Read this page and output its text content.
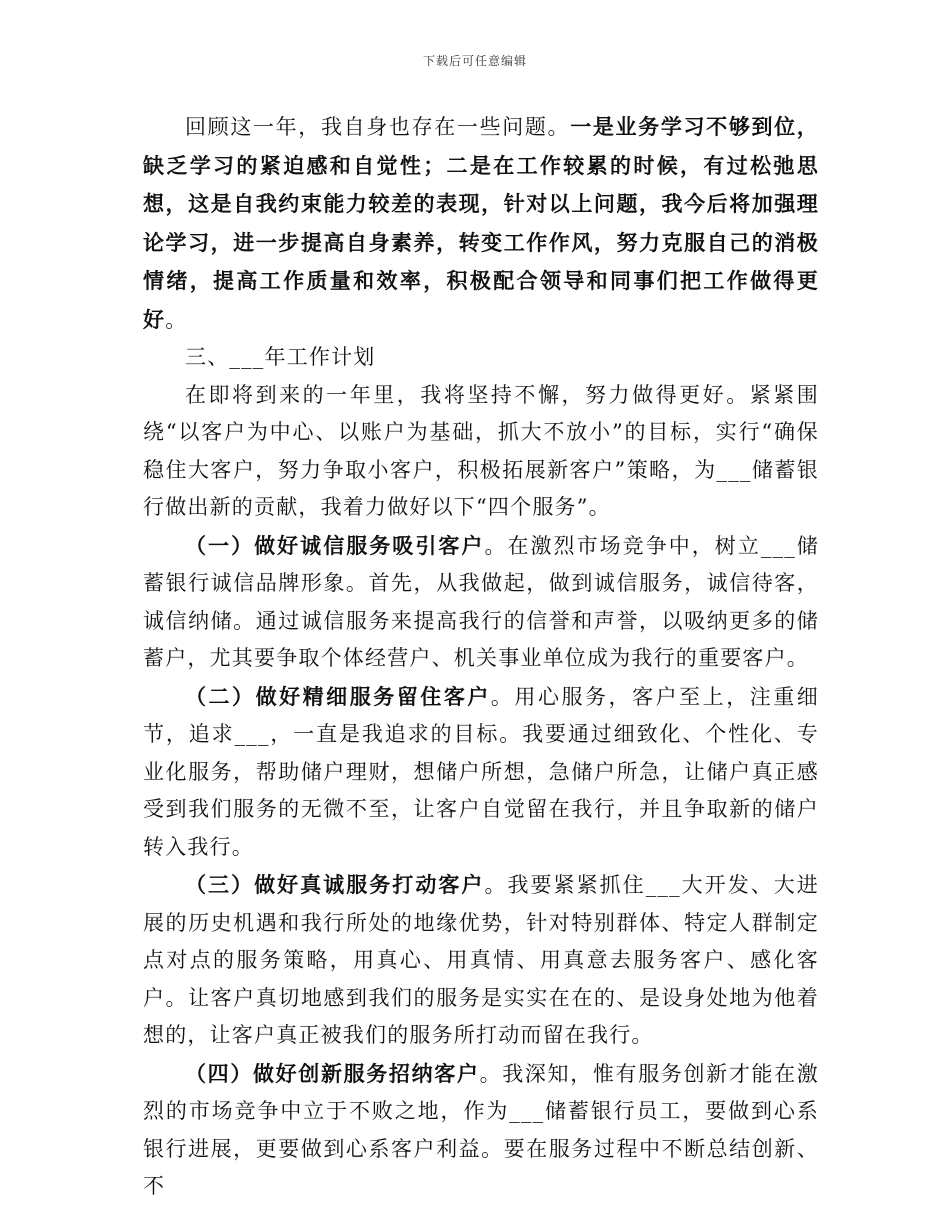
下载后可任意编辑

回顾这一年，我自身也存在一些问题。一是业务学习不够到位，缺乏学习的紧迫感和自觉性；二是在工作较累的时候，有过松弛思想，这是自我约束能力较差的表现，针对以上问题，我今后将加强理论学习，进一步提高自身素养，转变工作作风，努力克服自己的消极情绪，提高工作质量和效率，积极配合领导和同事们把工作做得更好。

三、___年工作计划

在即将到来的一年里，我将坚持不懈，努力做得更好。紧紧围绕“以客户为中心、以账户为基础，抓大不放小”的目标，实行“确保稳住大客户，努力争取小客户，积极拓展新客户”策略，为___储蓄银行做出新的贡献，我着力做好以下“四个服务”。

（一）做好诚信服务吸引客户。在激烈市场竞争中，树立___储蓄银行诚信品牌形象。首先，从我做起，做到诚信服务，诚信待客，诚信纳储。通过诚信服务来提高我行的信誉和声誉，以吸纳更多的储蓄户，尤其要争取个体经营户、机关事业单位成为我行的重要客户。

（二）做好精细服务留住客户。用心服务，客户至上，注重细节，追求___，一直是我追求的目标。我要通过细致化、个性化、专业化服务，帮助储户理财，想储户所想，急储户所急，让储户真正感受到我们服务的无微不至，让客户自觉留在我行，并且争取新的储户转入我行。

（三）做好真诚服务打动客户。我要紧紧抓住___大开发、大进展的历史机遇和我行所处的地缘优势，针对特别群体、特定人群制定点对点的服务策略，用真心、用真情、用真意去服务客户、感化客户。让客户真切地感到我们的服务是实实在在的、是设身处地为他着想的，让客户真正被我们的服务所打动而留在我行。

（四）做好创新服务招纳客户。我深知，惟有服务创新才能在激烈的市场竞争中立于不败之地，作为___储蓄银行员工，要做到心系银行进展，更要做到心系客户利益。要在服务过程中不断总结创新、不
